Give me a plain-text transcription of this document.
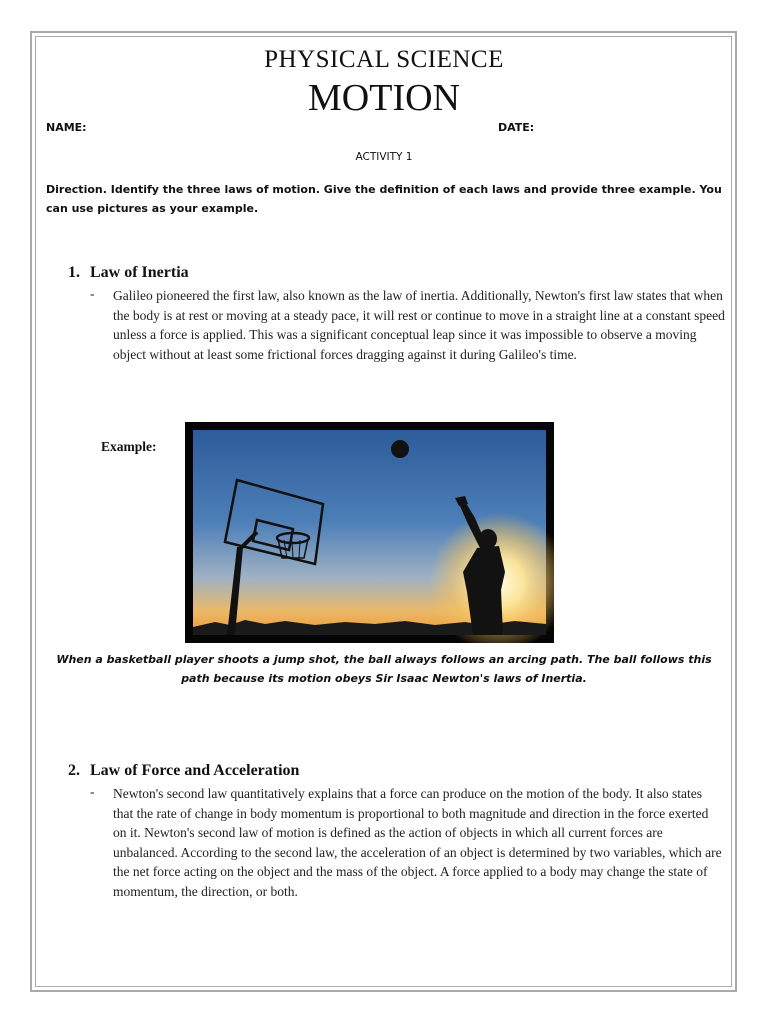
PHYSICAL SCIENCE
MOTION
NAME:	DATE:
ACTIVITY 1
Direction. Identify the three laws of motion. Give the definition of each laws and provide three example. You can use pictures as your example.
1. Law of Inertia
- Galileo pioneered the first law, also known as the law of inertia. Additionally, Newton's first law states that when the body is at rest or moving at a steady pace, it will rest or continue to move in a straight line at a constant speed unless a force is applied. This was a significant conceptual leap since it was impossible to observe a moving object without at least some frictional forces dragging against it during Galileo's time.
Example:
When a basketball player shoots a jump shot, the ball always follows an arcing path. The ball follows this path because its motion obeys Sir Isaac Newton's laws of Inertia.
2. Law of Force and Acceleration
- Newton's second law quantitatively explains that a force can produce on the motion of the body. It also states that the rate of change in body momentum is proportional to both magnitude and direction in the force exerted on it. Newton's second law of motion is defined as the action of objects in which all current forces are unbalanced. According to the second law, the acceleration of an object is determined by two variables, which are the net force acting on the object and the mass of the object. A force applied to a body may change the state of momentum, the direction, or both.
